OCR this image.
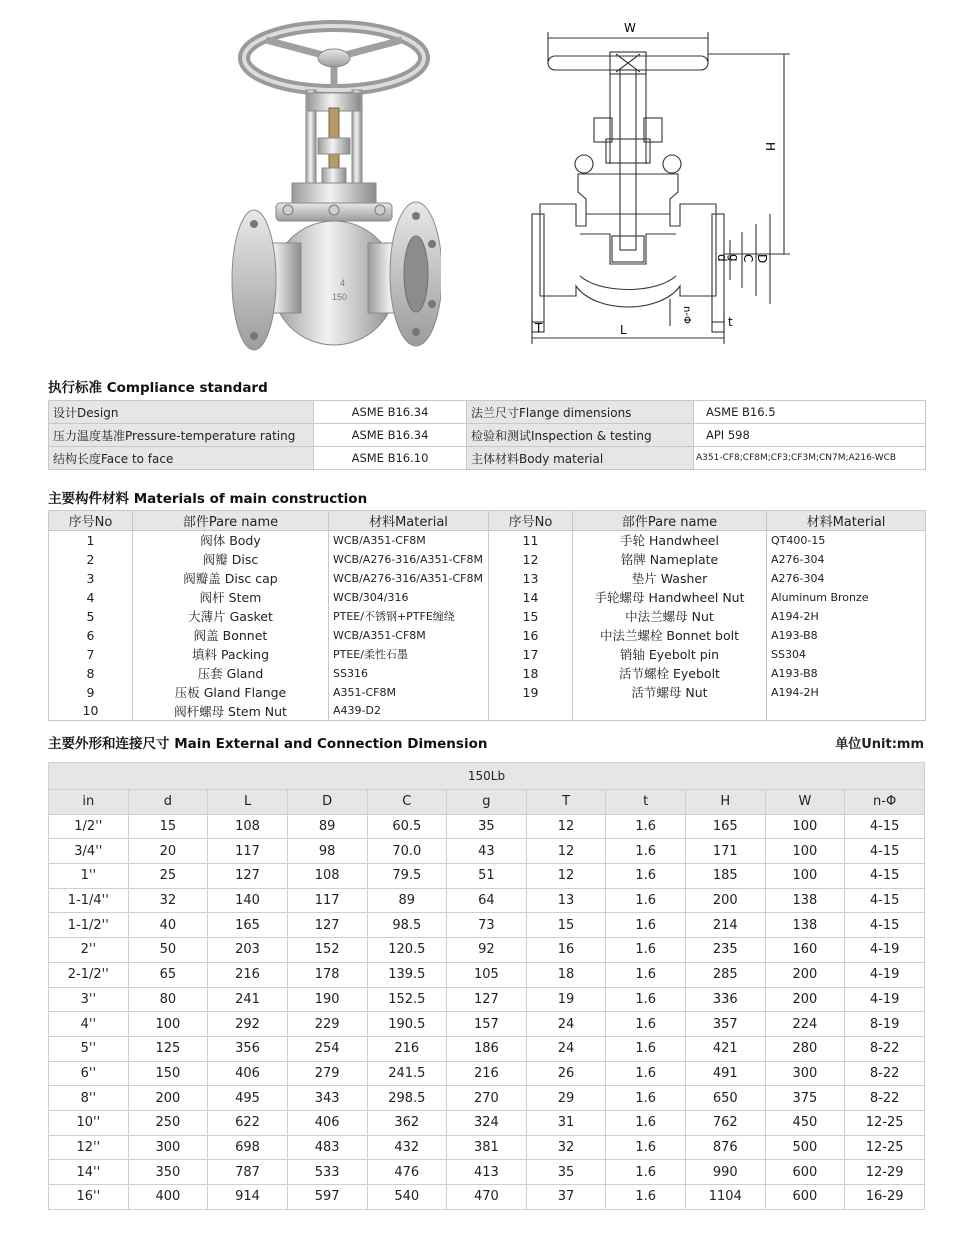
4
150
W
H
D
C
g
d
L
T	t
n-Φ
执行标准 Compliance standard
设计Design	ASME B16.34	法兰尺寸Flange dimensions	ASME B16.5
压力温度基准Pressure-temperature rating	ASME B16.34	检验和测试Inspection & testing	API 598
结构长度Face to face	ASME B16.10	主体材料Body material	A351-CF8;CF8M;CF3;CF3M;CN7M;A216-WCB
主要构件材料 Materials of main construction
序号No	部件Pare name	材料Material	序号No	部件Pare name	材料Material
1	阀体 Body	WCB/A351-CF8M	11	手轮 Handwheel	QT400-15
2	阀瓣 Disc	WCB/A276-316/A351-CF8M	12	铭牌 Nameplate	A276-304
3	阀瓣盖 Disc cap	WCB/A276-316/A351-CF8M	13	垫片 Washer	A276-304
4	阀杆 Stem	WCB/304/316	14	手轮螺母 Handwheel Nut	Aluminum Bronze
5	大薄片 Gasket	PTEE/不锈钢+PTFE缠绕	15	中法兰螺母 Nut	A194-2H
6	阀盖 Bonnet	WCB/A351-CF8M	16	中法兰螺栓 Bonnet bolt	A193-B8
7	填料 Packing	PTEE/柔性石墨	17	销轴 Eyebolt pin	SS304
8	压套 Gland	SS316	18	活节螺栓 Eyebolt	A193-B8
9	压板 Gland Flange	A351-CF8M	19	活节螺母 Nut	A194-2H
10	阀杆螺母 Stem Nut	A439-D2			
主要外形和连接尺寸 Main External and Connection Dimension	单位Unit:mm
150Lb										
in	d	L	D	C	g	T	t	H	W	n-Φ
1/2''	15	108	89	60.5	35	12	1.6	165	100	4-15
3/4''	20	117	98	70.0	43	12	1.6	171	100	4-15
1''	25	127	108	79.5	51	12	1.6	185	100	4-15
1-1/4''	32	140	117	89	64	13	1.6	200	138	4-15
1-1/2''	40	165	127	98.5	73	15	1.6	214	138	4-15
2''	50	203	152	120.5	92	16	1.6	235	160	4-19
2-1/2''	65	216	178	139.5	105	18	1.6	285	200	4-19
3''	80	241	190	152.5	127	19	1.6	336	200	4-19
4''	100	292	229	190.5	157	24	1.6	357	224	8-19
5''	125	356	254	216	186	24	1.6	421	280	8-22
6''	150	406	279	241.5	216	26	1.6	491	300	8-22
8''	200	495	343	298.5	270	29	1.6	650	375	8-22
10''	250	622	406	362	324	31	1.6	762	450	12-25
12''	300	698	483	432	381	32	1.6	876	500	12-25
14''	350	787	533	476	413	35	1.6	990	600	12-29
16''	400	914	597	540	470	37	1.6	1104	600	16-29
